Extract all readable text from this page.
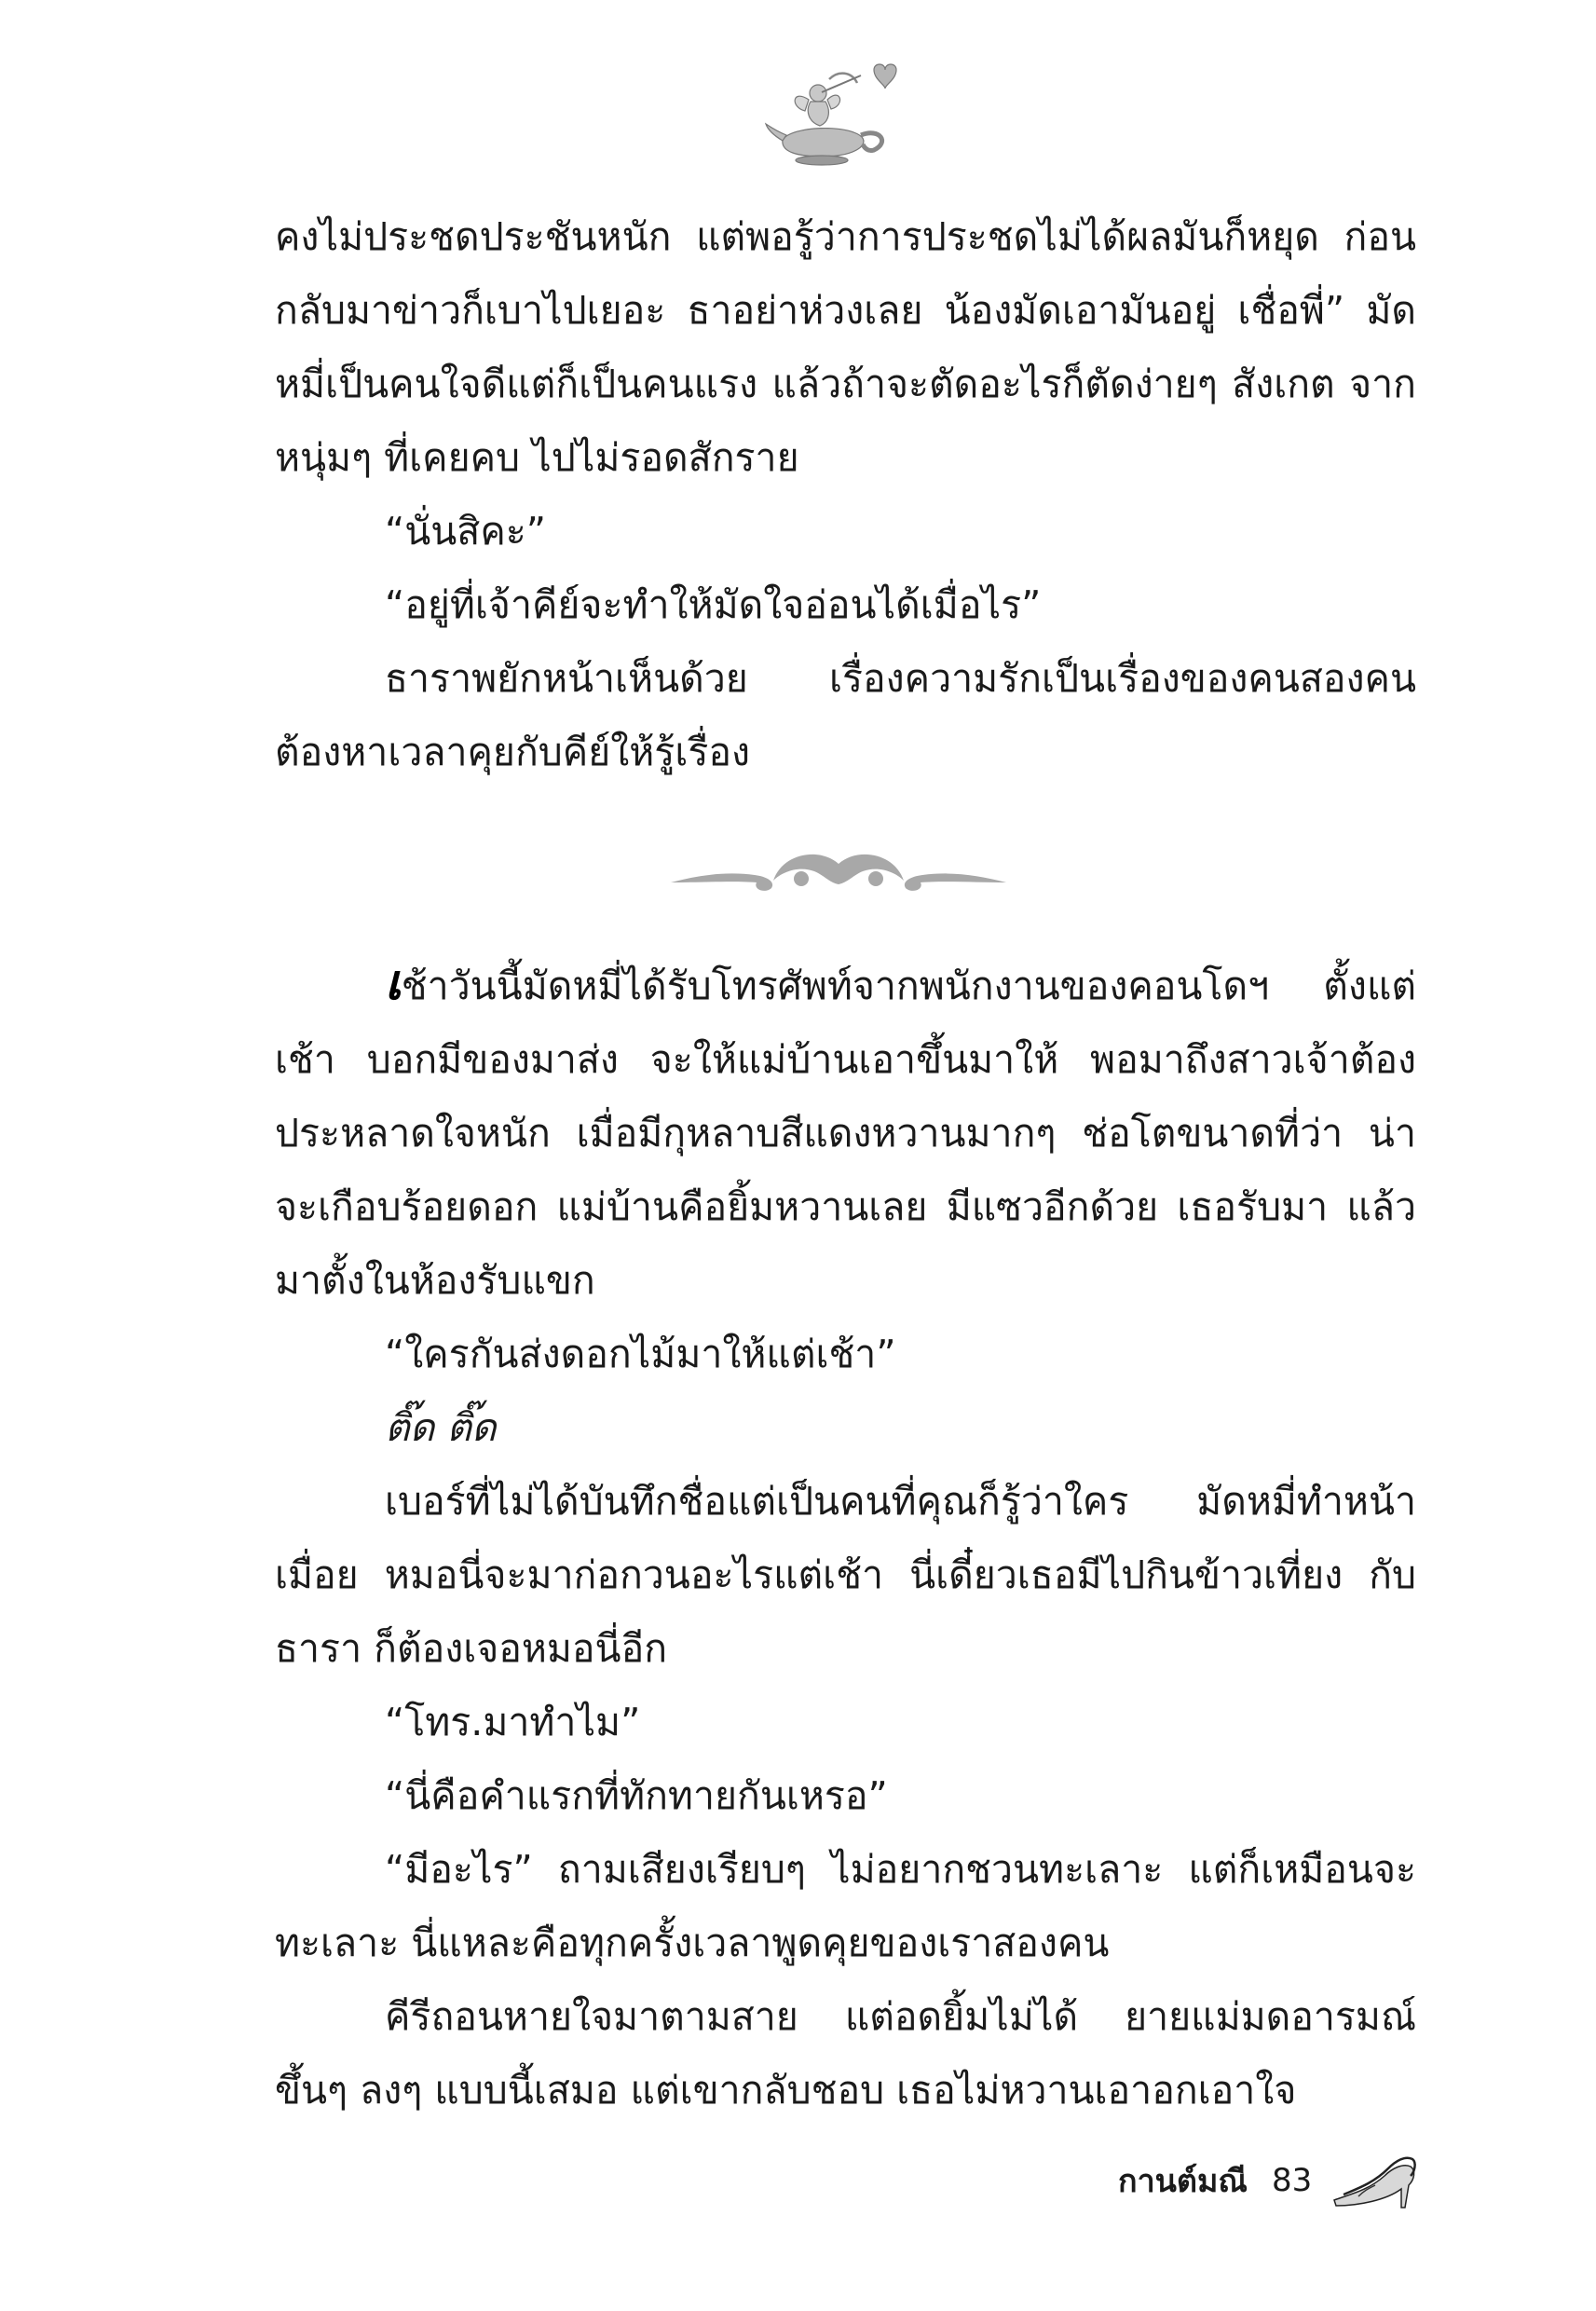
คงไม่ประชดประชันหนัก แต่พอรู้ว่าการประชดไม่ได้ผลมันก็หยุด ก่อนกลับมาข่าวก็เบาไปเยอะ ธาอย่าห่วงเลย น้องมัดเอามันอยู่ เชื่อพี่” มัดหมี่เป็นคนใจดีแต่ก็เป็นคนแรง แล้วถ้าจะตัดอะไรก็ตัดง่ายๆ สังเกต จากหนุ่มๆ ที่เคยคบ ไปไม่รอดสักราย

“นั่นสิคะ”

“อยู่ที่เจ้าคีย์จะทำให้มัดใจอ่อนได้เมื่อไร”

ธาราพยักหน้าเห็นด้วย เรื่องความรักเป็นเรื่องของคนสองคน ต้องหาเวลาคุยกับคีย์ให้รู้เรื่อง

เช้าวันนี้มัดหมี่ได้รับโทรศัพท์จากพนักงานของคอนโดฯ ตั้งแต่เช้า บอกมีของมาส่ง จะให้แม่บ้านเอาขึ้นมาให้ พอมาถึงสาวเจ้าต้อง ประหลาดใจหนัก เมื่อมีกุหลาบสีแดงหวานมากๆ ช่อโตขนาดที่ว่า น่าจะเกือบร้อยดอก แม่บ้านคือยิ้มหวานเลย มีแซวอีกด้วย เธอรับมา แล้วมาตั้งในห้องรับแขก

“ใครกันส่งดอกไม้มาให้แต่เช้า”

ติ๊ด ติ๊ด

เบอร์ที่ไม่ได้บันทึกชื่อแต่เป็นคนที่คุณก็รู้ว่าใคร มัดหมี่ทำหน้า เมื่อย หมอนี่จะมาก่อกวนอะไรแต่เช้า นี่เดี๋ยวเธอมีไปกินข้าวเที่ยง กับธารา ก็ต้องเจอหมอนี่อีก

“โทร.มาทำไม”

“นี่คือคำแรกที่ทักทายกันเหรอ”

“มีอะไร” ถามเสียงเรียบๆ ไม่อยากชวนทะเลาะ แต่ก็เหมือนจะ ทะเลาะ นี่แหละคือทุกครั้งเวลาพูดคุยของเราสองคน

คีรีถอนหายใจมาตามสาย แต่อดยิ้มไม่ได้ ยายแม่มดอารมณ์ ขึ้นๆ ลงๆ แบบนี้เสมอ แต่เขากลับชอบ เธอไม่หวานเอาอกเอาใจ

กานต์มณี 83
